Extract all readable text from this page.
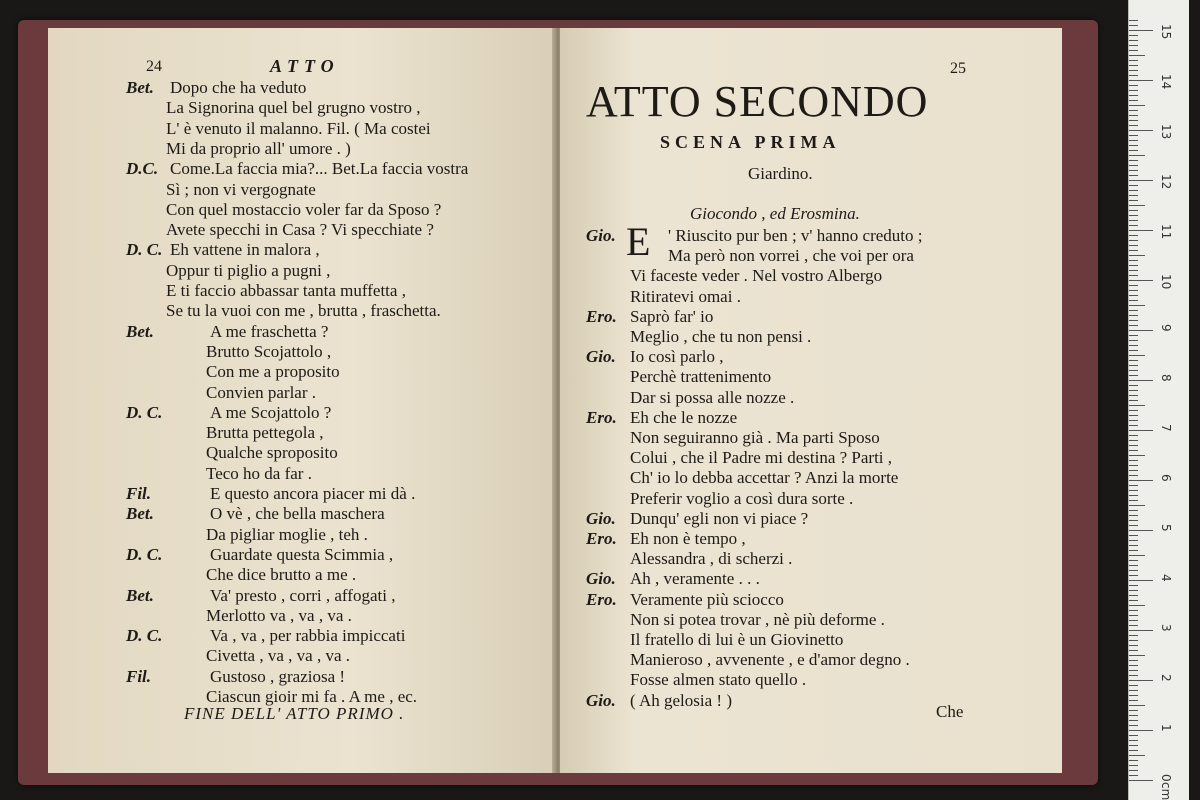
24	ATTO
Bet. Dopo che ha veduto
La Signorina quel bel grugno vostro ,
L' è venuto il malanno. Fil. ( Ma costei
Mi da proprio all' umore . )
D.C. Come.La faccia mia?... Bet.La faccia vostra
Sì ; non vi vergognate
Con quel mostaccio voler far da Sposo ?
Avete specchi in Casa ? Vi specchiate ?
D. C. Eh vattene in malora ,
Oppur ti piglio a pugni ,
E ti faccio abbassar tanta muffetta ,
Se tu la vuoi con me , brutta , fraschetta.
Bet.	A me fraschetta ?
Brutto Scojattolo ,
Con me a proposito
Convien parlar .
D. C.	A me Scojattolo ?
Brutta pettegola ,
Qualche sproposito
Teco ho da far .
Fil.	E questo ancora piacer mi dà .
Bet.	O vè , che bella maschera
Da pigliar moglie , teh .
D. C.	Guardate questa Scimmia ,
Che dice brutto a me .
Bet.	Va' presto , corri , affogati ,
Merlotto va , va , va .
D. C.	Va , va , per rabbia impiccati
Civetta , va , va , va .
Fil.	Gustoso , graziosa !
Ciascun gioir mi fa . A me , ec.
FINE DELL' ATTO PRIMO .
25
ATTO SECONDO
SCENA PRIMA
Giardino.
Giocondo , ed Erosmina.
E
Gio.	' Riuscito pur ben ; v' hanno creduto ;
Ma però non vorrei , che voi per ora
Vi faceste veder . Nel vostro Albergo
Ritiratevi omai .
Ero. Saprò far' io
Meglio , che tu non pensi .
Gio. Io così parlo ,
Perchè trattenimento
Dar si possa alle nozze .
Ero. Eh che le nozze
Non seguiranno già . Ma parti Sposo
Colui , che il Padre mi destina ? Parti ,
Ch' io lo debba accettar ? Anzi la morte
Preferir voglio a così dura sorte .
Gio. Dunqu' egli non vi piace ?
Ero. Eh non è tempo ,
Alessandra , di scherzi .
Gio. Ah , veramente . . .
Ero. Veramente più sciocco
Non si potea trovar , nè più deforme .
Il fratello di lui è un Giovinetto
Manieroso , avvenente , e d'amor degno .
Fosse almen stato quello .
Gio. ( Ah gelosia ! )
Che
0
1
2
3
4
5
6
7
8
9
10
11
12
13
14
15
cm
